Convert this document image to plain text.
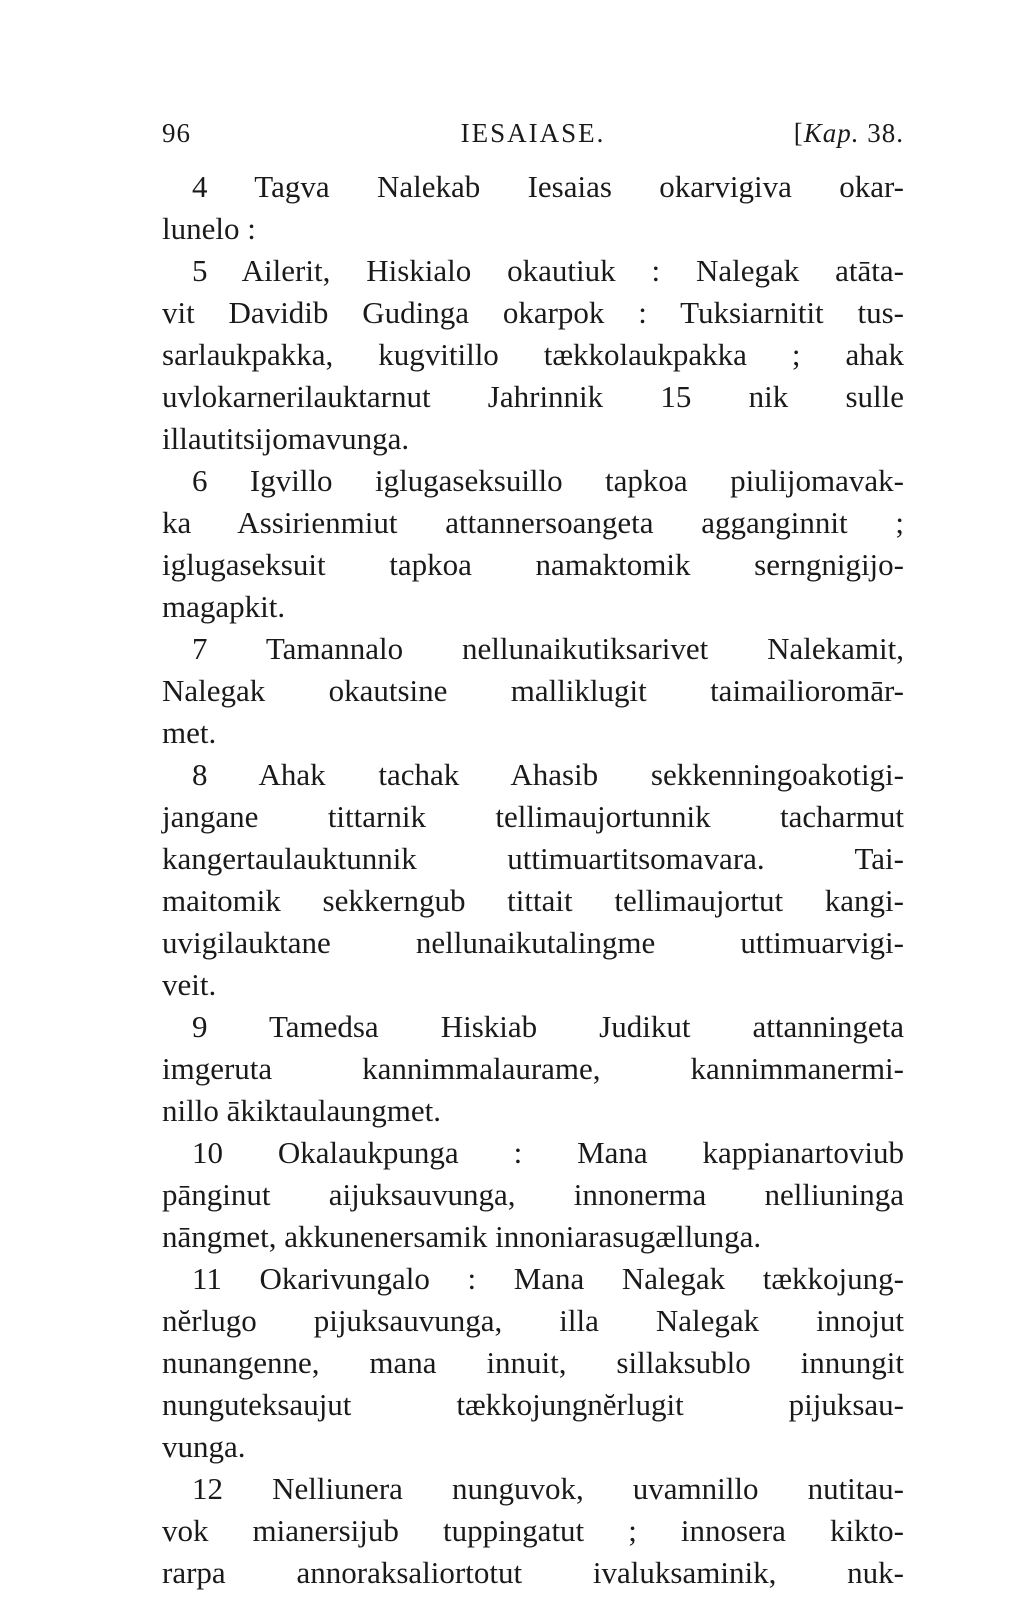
96	IESAIASE.	[Kap. 38.
4 Tagva Nalekab Iesaias okarvigiva okar-
lunelo :
5 Ailerit, Hiskialo okautiuk : Nalegak atāta-
vit Davidib Gudinga okarpok : Tuksiarnitit tus-
sarlaukpakka, kugvitillo tækkolaukpakka ; ahak
uvlokarnerilauktarnut Jahrinnik 15 nik sulle
illautitsijomavunga.
6 Igvillo iglugaseksuillo tapkoa piulijomavak-
ka Assirienmiut attannersoangeta agganginnit ;
iglugaseksuit tapkoa namaktomik serngnigijo-
magapkit.
7 Tamannalo nellunaikutiksarivet Nalekamit,
Nalegak okautsine malliklugit taimailioromār-
met.
8 Ahak tachak Ahasib sekkenningoakotigi-
jangane tittarnik tellimaujortunnik tacharmut
kangertaulauktunnik uttimuartitsomavara. Tai-
maitomik sekkerngub tittait tellimaujortut kangi-
uvigilauktane nellunaikutalingme uttimuarvigi-
veit.
9 Tamedsa Hiskiab Judikut attanningeta
imgeruta kannimmalaurame, kannimmanermi-
nillo ākiktaulaungmet.
10 Okalaukpunga : Mana kappianartoviub
pānginut aijuksauvunga, innonerma nelliuninga
nāngmet, akkunenersamik innoniarasugællunga.
11 Okarivungalo : Mana Nalegak tækkojung-
nĕrlugo pijuksauvunga, illa Nalegak innojut
nunangenne, mana innuit, sillaksublo innungit
nunguteksaujut tækkojungnĕrlugit pijuksau-
vunga.
12 Nelliunera nunguvok, uvamnillo nutitau-
vok mianersijub tuppingatut ; innosera kikto-
rarpa annoraksaliortotut ivaluksaminik, nuk-
